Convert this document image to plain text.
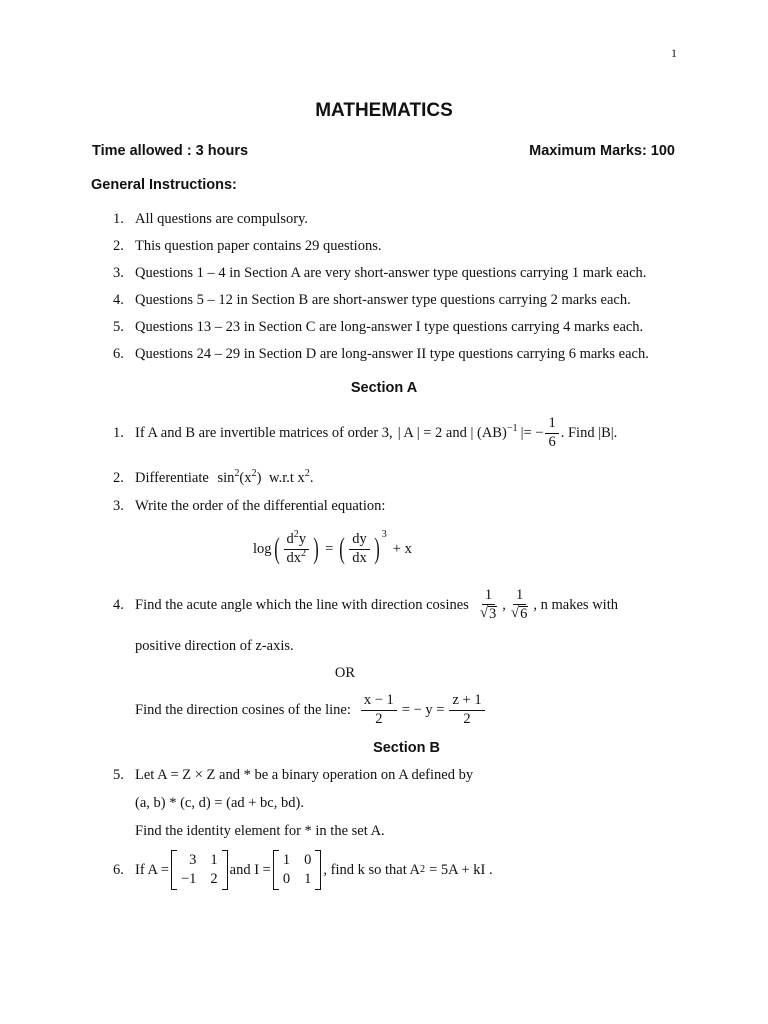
1
MATHEMATICS
Time allowed : 3 hours	Maximum Marks: 100
General Instructions:
1. All questions are compulsory.
2. This question paper contains 29 questions.
3. Questions 1 – 4 in Section A are very short-answer type questions carrying 1 mark each.
4. Questions 5 – 12 in Section B are short-answer type questions carrying 2 marks each.
5. Questions 13 – 23 in Section C are long-answer I type questions carrying 4 marks each.
6. Questions 24 – 29 in Section D are long-answer II type questions carrying 6 marks each.
Section A
1. If A and B are invertible matrices of order 3, | A | = 2 and | (AB)$^{-1}$ |= − $\frac{1}{6}$ . Find |B|.
2. Differentiate $\sin^2(x^2)$ w.r.t $x^2$.
3. Write the order of the differential equation:
log ( $\frac{d^2y}{dx^2}$ ) = ( $\frac{dy}{dx} )^3$
+ x
4. Find the acute angle which the line with direction cosines $\frac{1}{√ 3}$ , $\frac{1}{√ 6}$ , n makes with
positive direction of z-axis.
OR
Find the direction cosines of the line: $\frac{x - 1}{2}$ = − $y = \frac{z + 1}{2}$
Section B
5. Let A = Z × Z and * be a binary operation on A defined by
(a, b) * (c, d) = (ad + bc, bd).
Find the identity element for * in the set A.
6. If A =
3 1
−1 2
and I =
1 0
0 1
, find k so that A 2 = 5A + kI .
